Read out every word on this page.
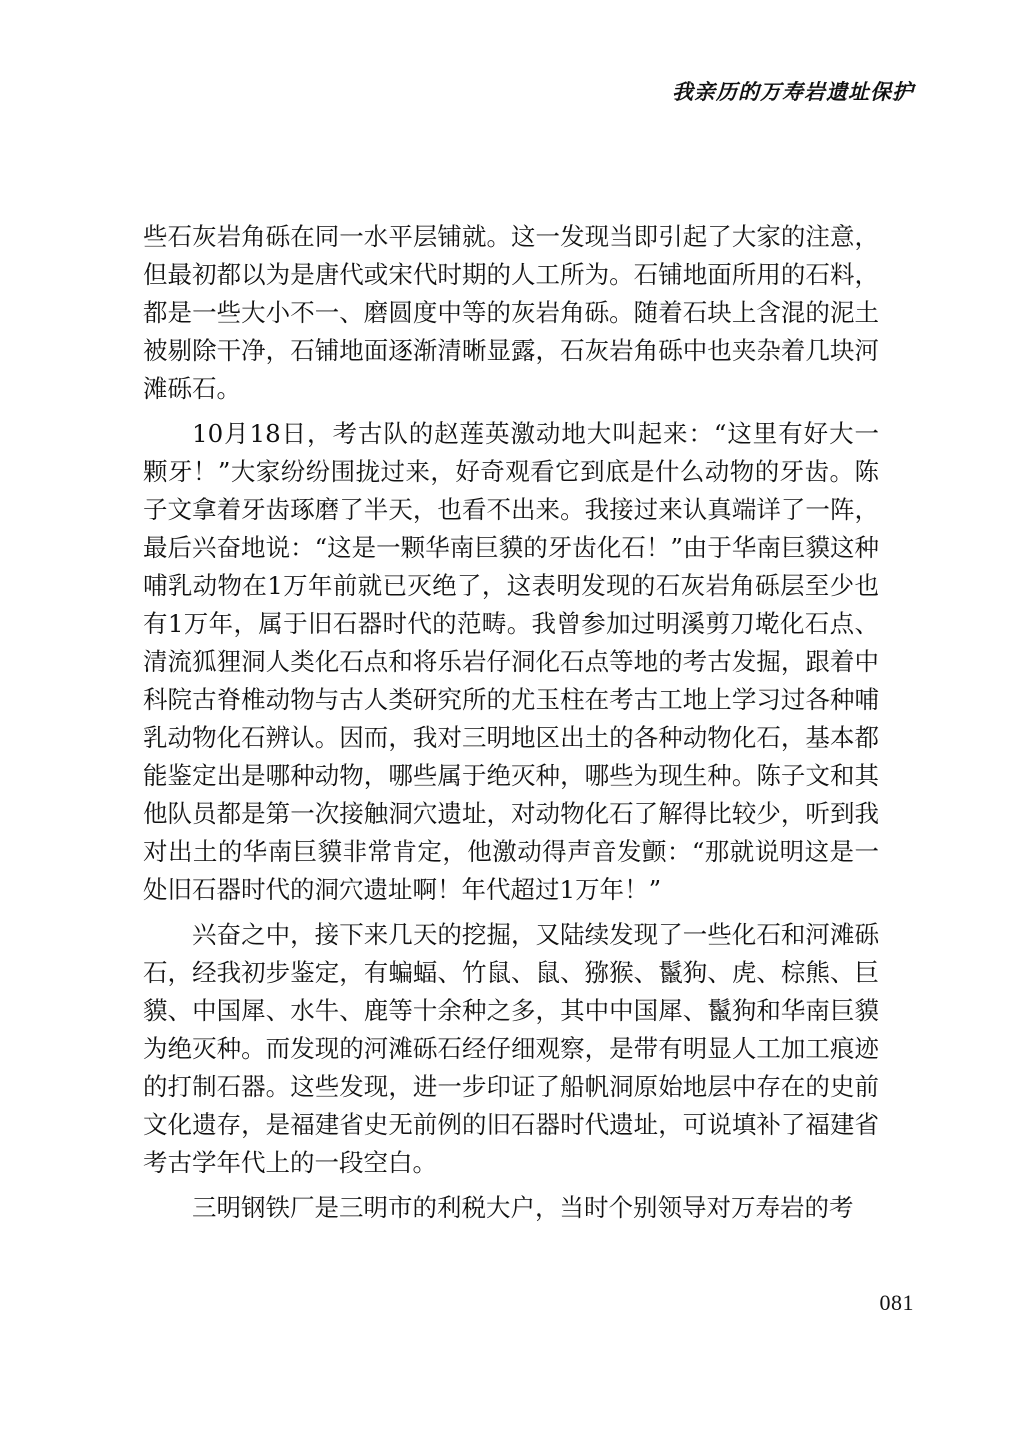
我亲历的万寿岩遗址保护

些石灰岩角砾在同一水平层铺就。这一发现当即引起了大家的注意，但最初都以为是唐代或宋代时期的人工所为。石铺地面所用的石料，都是一些大小不一、磨圆度中等的灰岩角砾。随着石块上含混的泥土被剔除干净，石铺地面逐渐清晰显露，石灰岩角砾中也夹杂着几块河滩砾石。

10月18日，考古队的赵莲英激动地大叫起来：“这里有好大一颗牙！”大家纷纷围拢过来，好奇观看它到底是什么动物的牙齿。陈子文拿着牙齿琢磨了半天，也看不出来。我接过来认真端详了一阵，最后兴奋地说：“这是一颗华南巨貘的牙齿化石！”由于华南巨貘这种哺乳动物在1万年前就已灭绝了，这表明发现的石灰岩角砾层至少也有1万年，属于旧石器时代的范畴。我曾参加过明溪剪刀墘化石点、清流狐狸洞人类化石点和将乐岩仔洞化石点等地的考古发掘，跟着中科院古脊椎动物与古人类研究所的尤玉柱在考古工地上学习过各种哺乳动物化石辨认。因而，我对三明地区出土的各种动物化石，基本都能鉴定出是哪种动物，哪些属于绝灭种，哪些为现生种。陈子文和其他队员都是第一次接触洞穴遗址，对动物化石了解得比较少，听到我对出土的华南巨貘非常肯定，他激动得声音发颤：“那就说明这是一处旧石器时代的洞穴遗址啊！年代超过1万年！”

兴奋之中，接下来几天的挖掘，又陆续发现了一些化石和河滩砾石，经我初步鉴定，有蝙蝠、竹鼠、鼠、猕猴、鬣狗、虎、棕熊、巨貘、中国犀、水牛、鹿等十余种之多，其中中国犀、鬣狗和华南巨貘为绝灭种。而发现的河滩砾石经仔细观察，是带有明显人工加工痕迹的打制石器。这些发现，进一步印证了船帆洞原始地层中存在的史前文化遗存，是福建省史无前例的旧石器时代遗址，可说填补了福建省考古学年代上的一段空白。

三明钢铁厂是三明市的利税大户，当时个别领导对万寿岩的考

081
